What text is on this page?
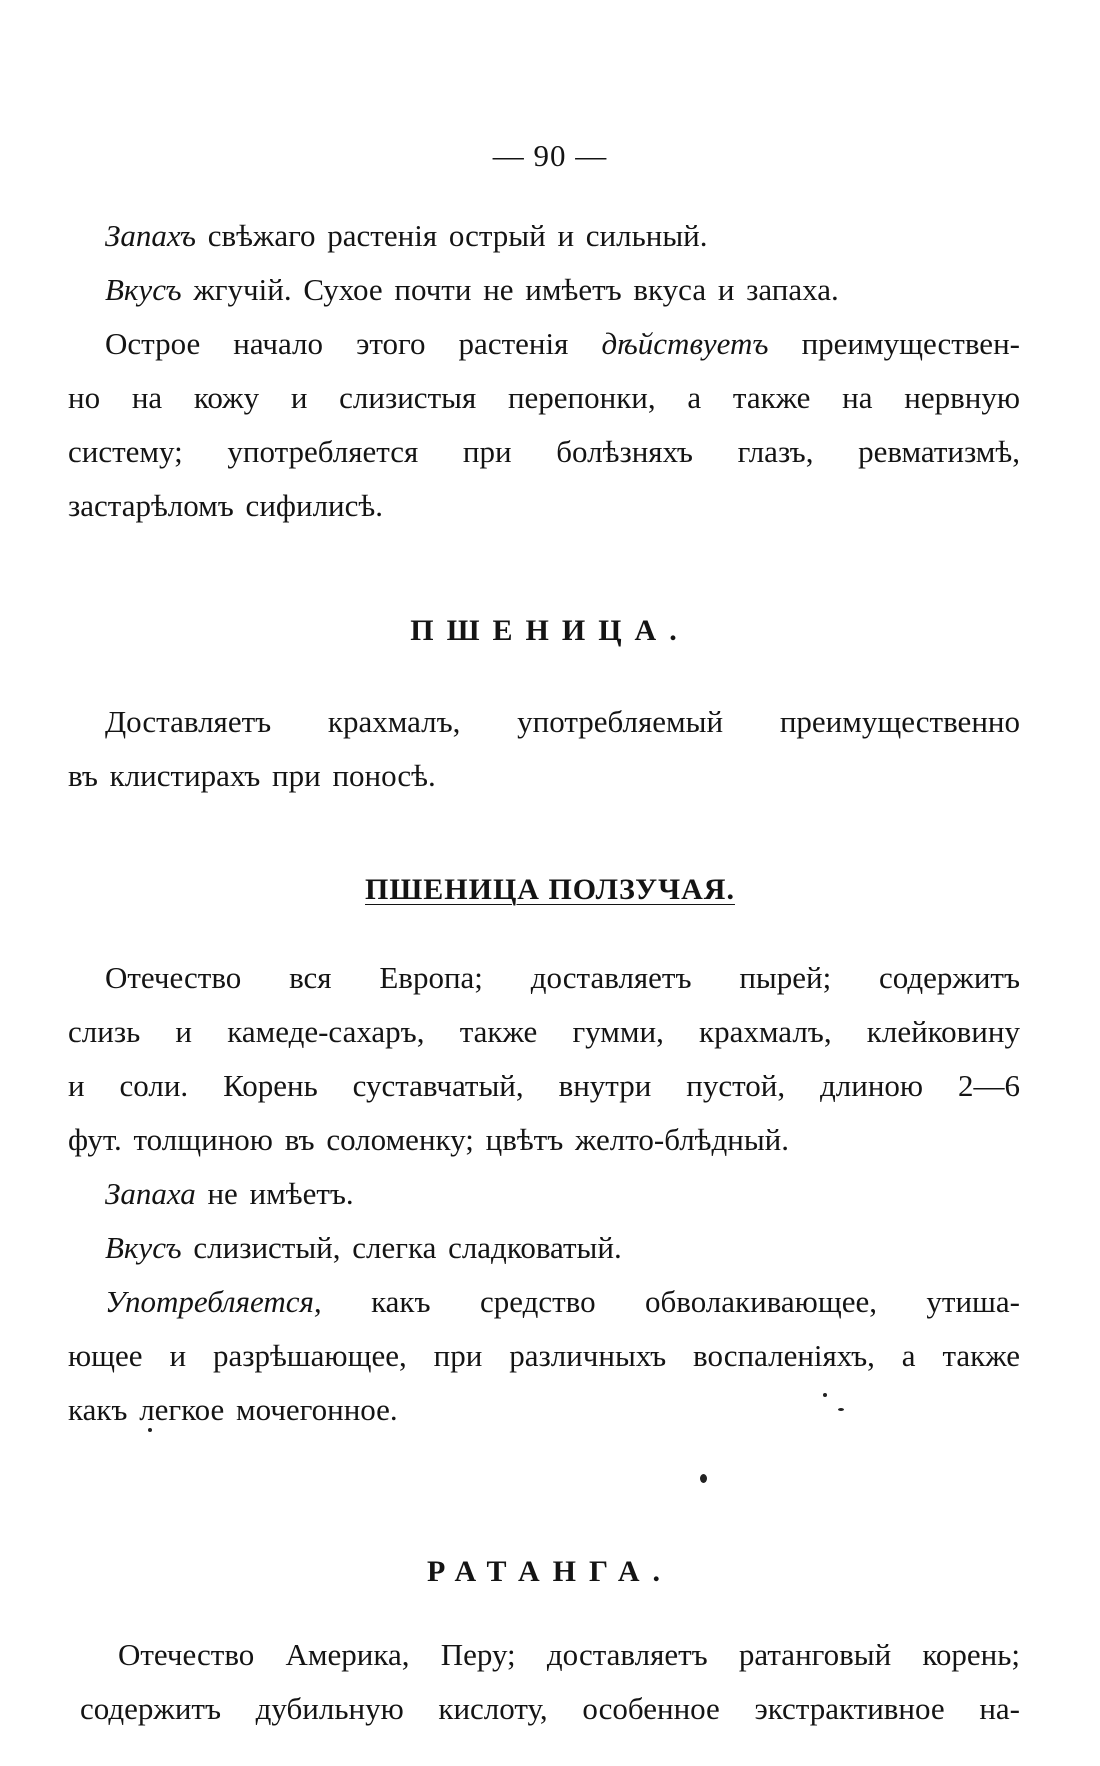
— 90 —
Запахъ свѣжаго растенія острый и сильный.
Вкусъ жгучій. Сухое почти не имѣетъ вкуса и запаха.
Острое начало этого растенія дѣйствуетъ преимуществен-
но на кожу и слизистыя перепонки, а также на нервную
систему; употребляется при болѣзняхъ глазъ, ревматизмѣ,
застарѣломъ сифилисѣ.
ПШЕНИЦА.
Доставляетъ крахмалъ, употребляемый преимущественно
въ клистирахъ при поносѣ.
ПШЕНИЦА ПОЛЗУЧАЯ.
Отечество вся Европа; доставляетъ пырей; содержитъ
слизь и камеде-сахаръ, также гумми, крахмалъ, клейковину
и соли. Корень суставчатый, внутри пустой, длиною 2—6
фут. толщиною въ соломенку; цвѣтъ желто-блѣдный.
Запаха не имѣетъ.
Вкусъ слизистый, слегка сладковатый.
Употребляется, какъ средство обволакивающее, утиша-
ющее и разрѣшающее, при различныхъ воспаленіяхъ, а также
какъ легкое мочегонное.
РАТАНГА.
Отечество Америка, Перу; доставляетъ ратанговый корень;
содержитъ дубильную кислоту, особенное экстрактивное на-
